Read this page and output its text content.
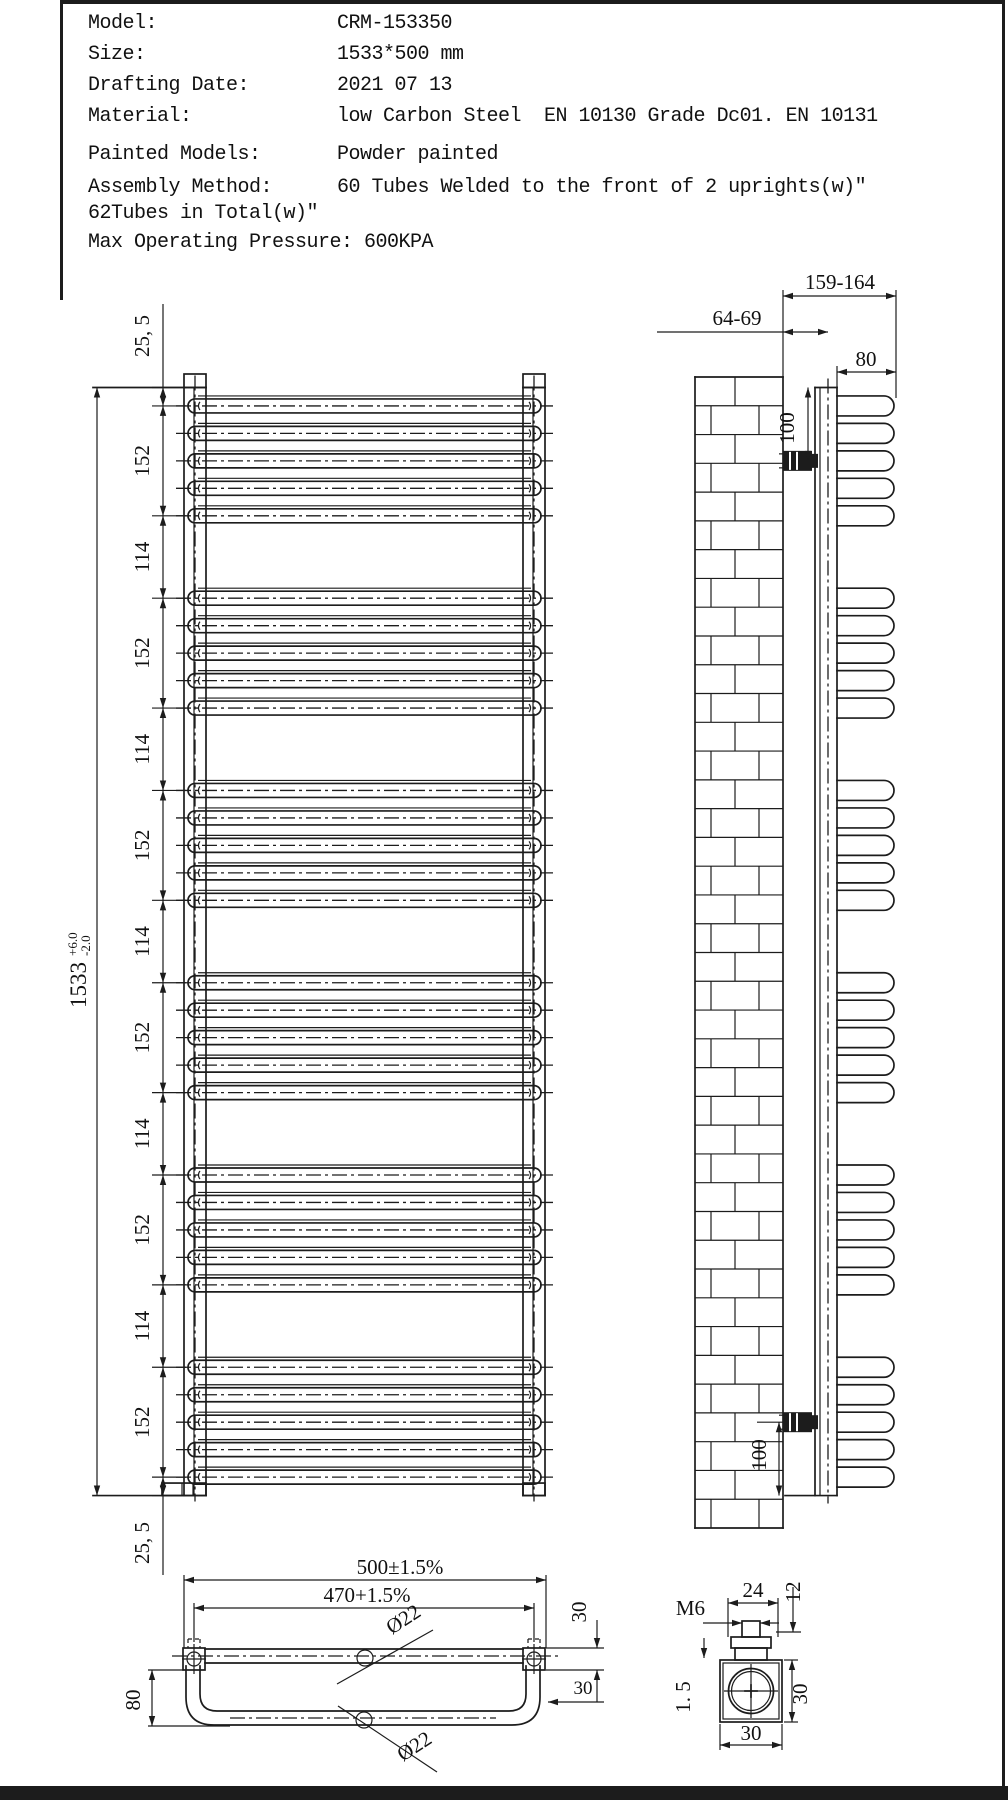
Model:	CRM-153350
Size:	1533*500 mm
Drafting Date:	2021 07 13
Material:	low Carbon Steel  EN 10130 Grade Dc01. EN 10131
Painted Models:	Powder painted
Assembly Method:	60 Tubes Welded to the front of 2 uprights(w)″
62Tubes in Total(w)″
Max Operating Pressure: 600KPA
1533
+6.0
-2.0
25, 5
152
114
152
114
152
114
152
114
152
114
152
25, 5
159-164
64-69
80
100
100
500±1.5%
470+1.5%
Ø22
Ø22
80
30
30
24
M6
12
1. 5	30
30
